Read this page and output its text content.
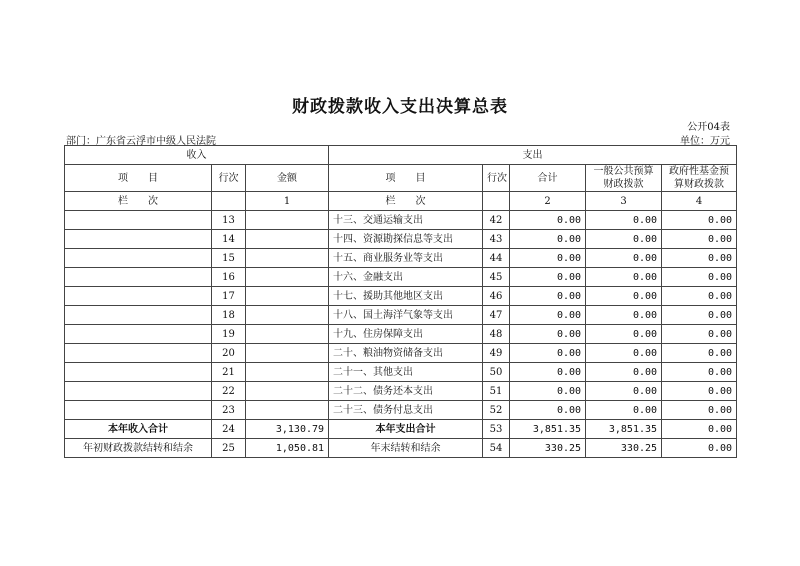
财政拨款收入支出决算总表
公开04表
部门：广东省云浮市中级人民法院	单位：万元
收入			支出				
项　　目	行次	金额	项　　目	行次	合计	一般公共预算财政拨款	政府性基金预算财政拨款
栏　　次		1	栏　　次		2	3	4
	13		十三、交通运输支出	42	0.00	0.00	0.00
	14		十四、资源勘探信息等支出	43	0.00	0.00	0.00
	15		十五、商业服务业等支出	44	0.00	0.00	0.00
	16		十六、金融支出	45	0.00	0.00	0.00
	17		十七、援助其他地区支出	46	0.00	0.00	0.00
	18		十八、国土海洋气象等支出	47	0.00	0.00	0.00
	19		十九、住房保障支出	48	0.00	0.00	0.00
	20		二十、粮油物资储备支出	49	0.00	0.00	0.00
	21		二十一、其他支出	50	0.00	0.00	0.00
	22		二十二、债务还本支出	51	0.00	0.00	0.00
	23		二十三、债务付息支出	52	0.00	0.00	0.00
本年收入合计	24	3,130.79	本年支出合计	53	3,851.35	3,851.35	0.00
年初财政拨款结转和结余	25	1,050.81	年末结转和结余	54	330.25	330.25	0.00
